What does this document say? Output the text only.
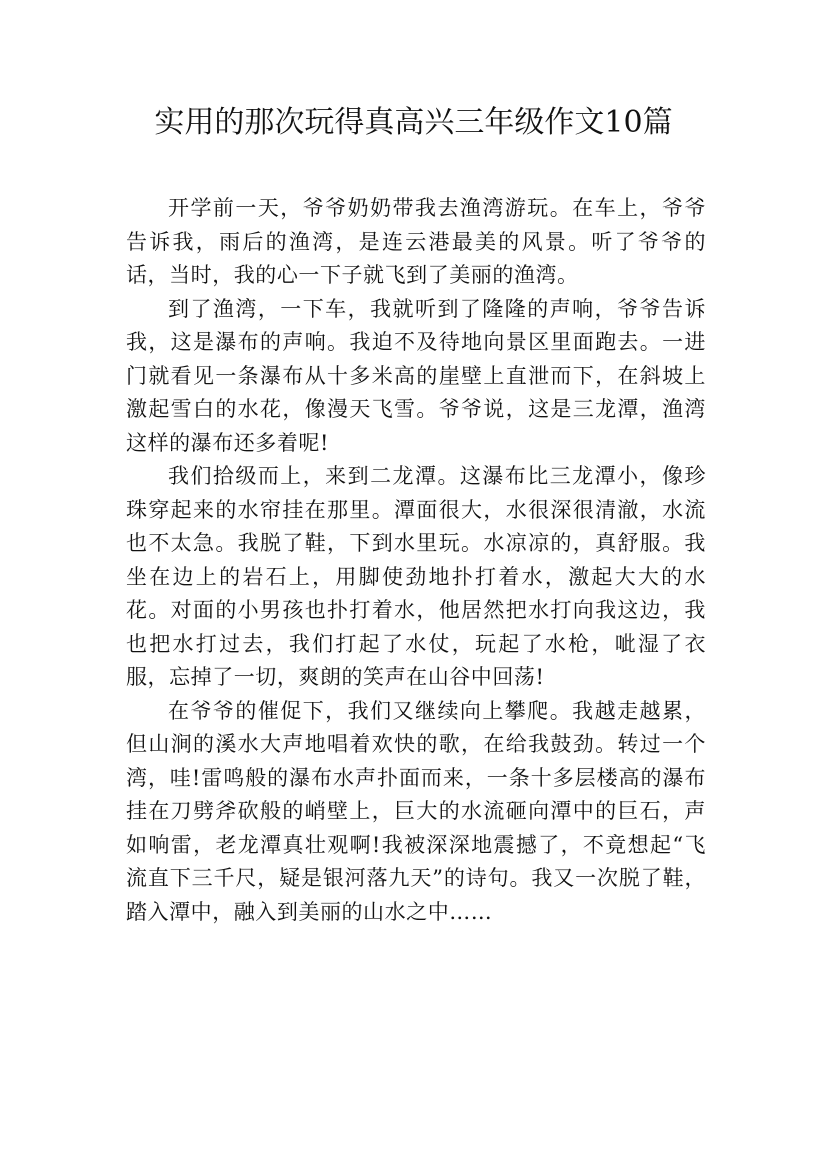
实用的那次玩得真高兴三年级作文10篇

开学前一天，爷爷奶奶带我去渔湾游玩。在车上，爷爷告诉我，雨后的渔湾，是连云港最美的风景。听了爷爷的话，当时，我的心一下子就飞到了美丽的渔湾。

到了渔湾，一下车，我就听到了隆隆的声响，爷爷告诉我，这是瀑布的声响。我迫不及待地向景区里面跑去。一进门就看见一条瀑布从十多米高的崖壁上直泄而下，在斜坡上激起雪白的水花，像漫天飞雪。爷爷说，这是三龙潭，渔湾这样的瀑布还多着呢!

我们拾级而上，来到二龙潭。这瀑布比三龙潭小，像珍珠穿起来的水帘挂在那里。潭面很大，水很深很清澈，水流也不太急。我脱了鞋，下到水里玩。水凉凉的，真舒服。我坐在边上的岩石上，用脚使劲地扑打着水，激起大大的水花。对面的小男孩也扑打着水，他居然把水打向我这边，我也把水打过去，我们打起了水仗，玩起了水枪，呲湿了衣服，忘掉了一切，爽朗的笑声在山谷中回荡!

在爷爷的催促下，我们又继续向上攀爬。我越走越累，但山涧的溪水大声地唱着欢快的歌，在给我鼓劲。转过一个湾，哇!雷鸣般的瀑布水声扑面而来，一条十多层楼高的瀑布挂在刀劈斧砍般的峭壁上，巨大的水流砸向潭中的巨石，声如响雷，老龙潭真壮观啊!我被深深地震撼了，不竟想起“飞流直下三千尺，疑是银河落九天”的诗句。我又一次脱了鞋，踏入潭中，融入到美丽的山水之中……
